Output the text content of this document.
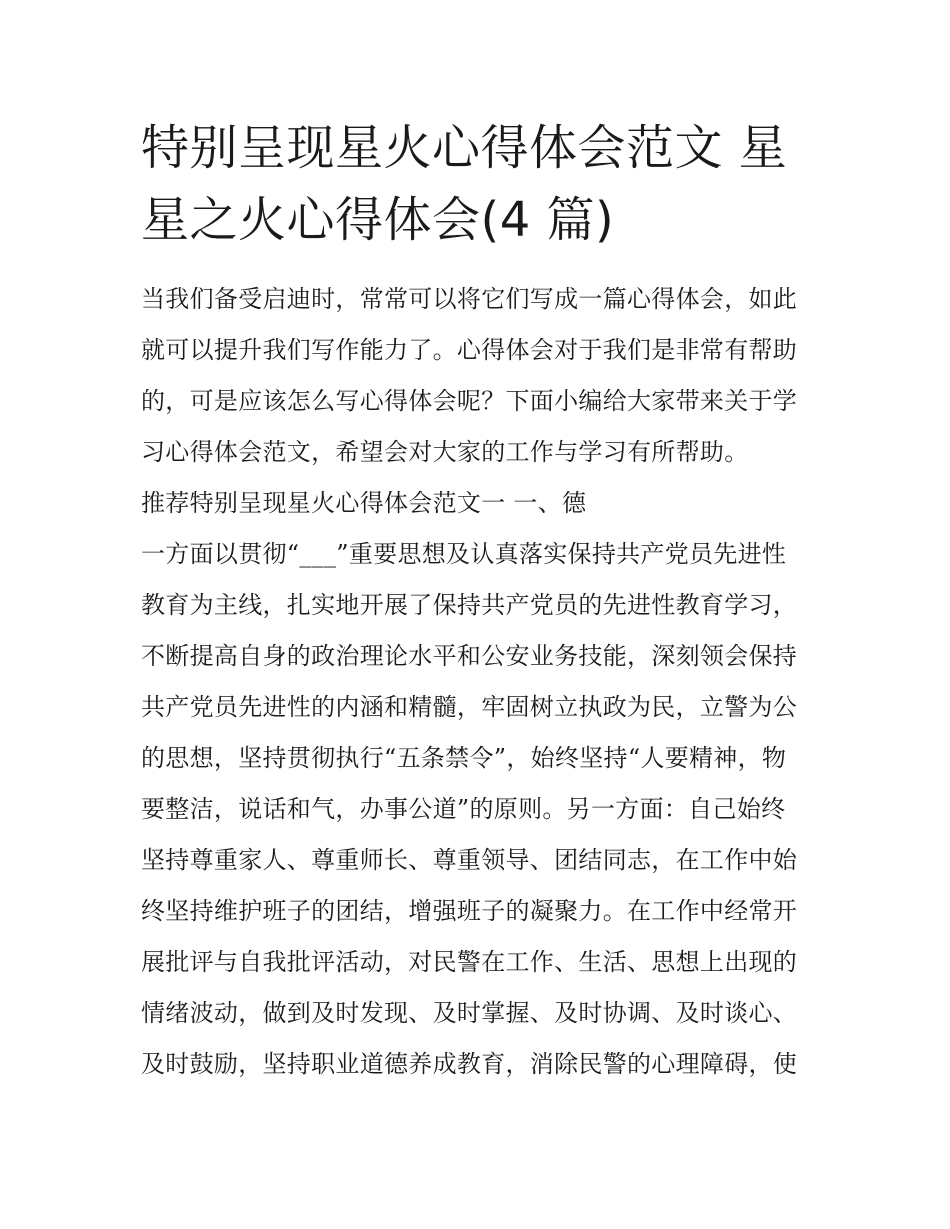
特别呈现星火心得体会范文 星
星之火心得体会(4 篇)
当我们备受启迪时，常常可以将它们写成一篇心得体会，如此
就可以提升我们写作能力了。心得体会对于我们是非常有帮助
的，可是应该怎么写心得体会呢？下面小编给大家带来关于学
习心得体会范文，希望会对大家的工作与学习有所帮助。
推荐特别呈现星火心得体会范文一 一、德
一方面以贯彻“___”重要思想及认真落实保持共产党员先进性
教育为主线，扎实地开展了保持共产党员的先进性教育学习，
不断提高自身的政治理论水平和公安业务技能，深刻领会保持
共产党员先进性的内涵和精髓，牢固树立执政为民，立警为公
的思想，坚持贯彻执行“五条禁令”，始终坚持“人要精神，物
要整洁，说话和气，办事公道”的原则。另一方面：自己始终
坚持尊重家人、尊重师长、尊重领导、团结同志，在工作中始
终坚持维护班子的团结，增强班子的凝聚力。在工作中经常开
展批评与自我批评活动，对民警在工作、生活、思想上出现的
情绪波动，做到及时发现、及时掌握、及时协调、及时谈心、
及时鼓励，坚持职业道德养成教育，消除民警的心理障碍，使
